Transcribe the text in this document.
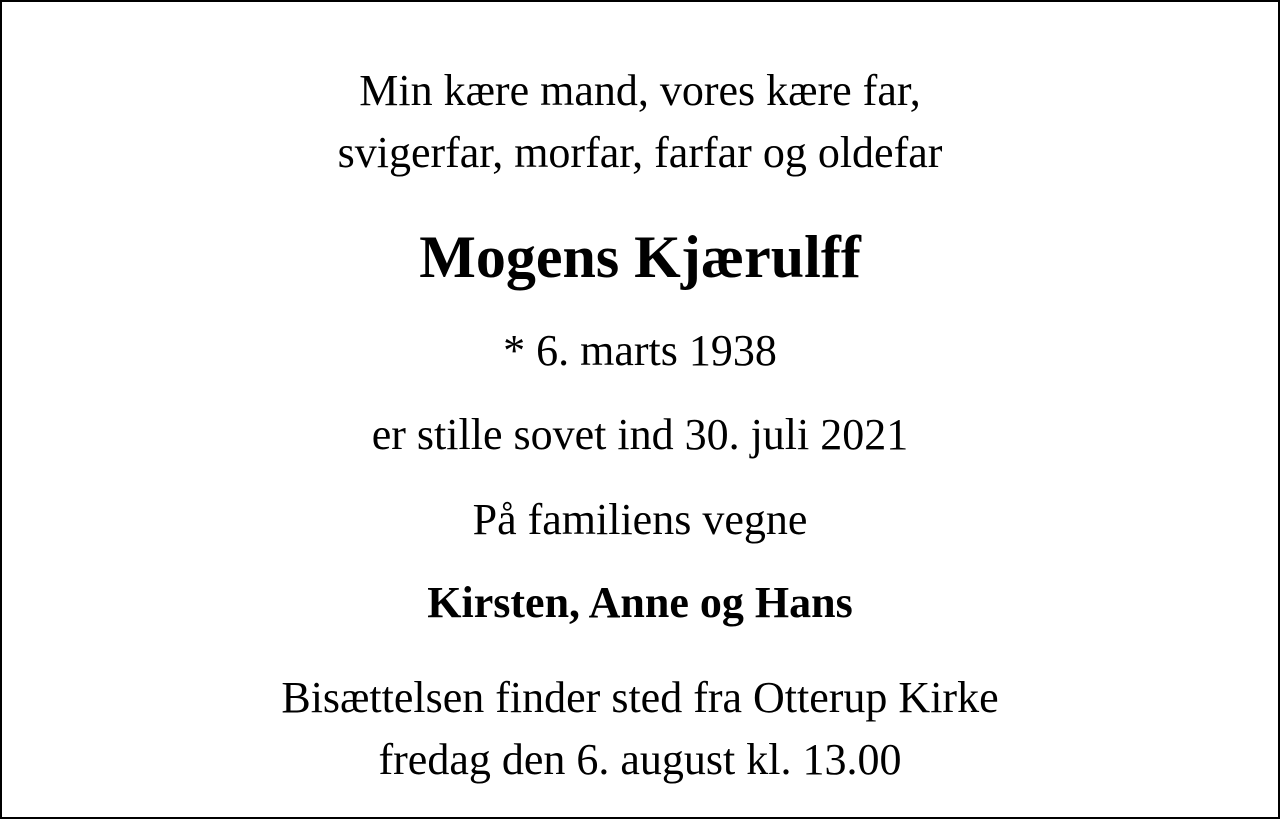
Min kære mand, vores kære far,
svigerfar, morfar, farfar og oldefar
Mogens Kjærulff
* 6. marts 1938
er stille sovet ind 30. juli 2021
På familiens vegne
Kirsten, Anne og Hans
Bisættelsen finder sted fra Otterup Kirke
fredag den 6. august kl. 13.00
